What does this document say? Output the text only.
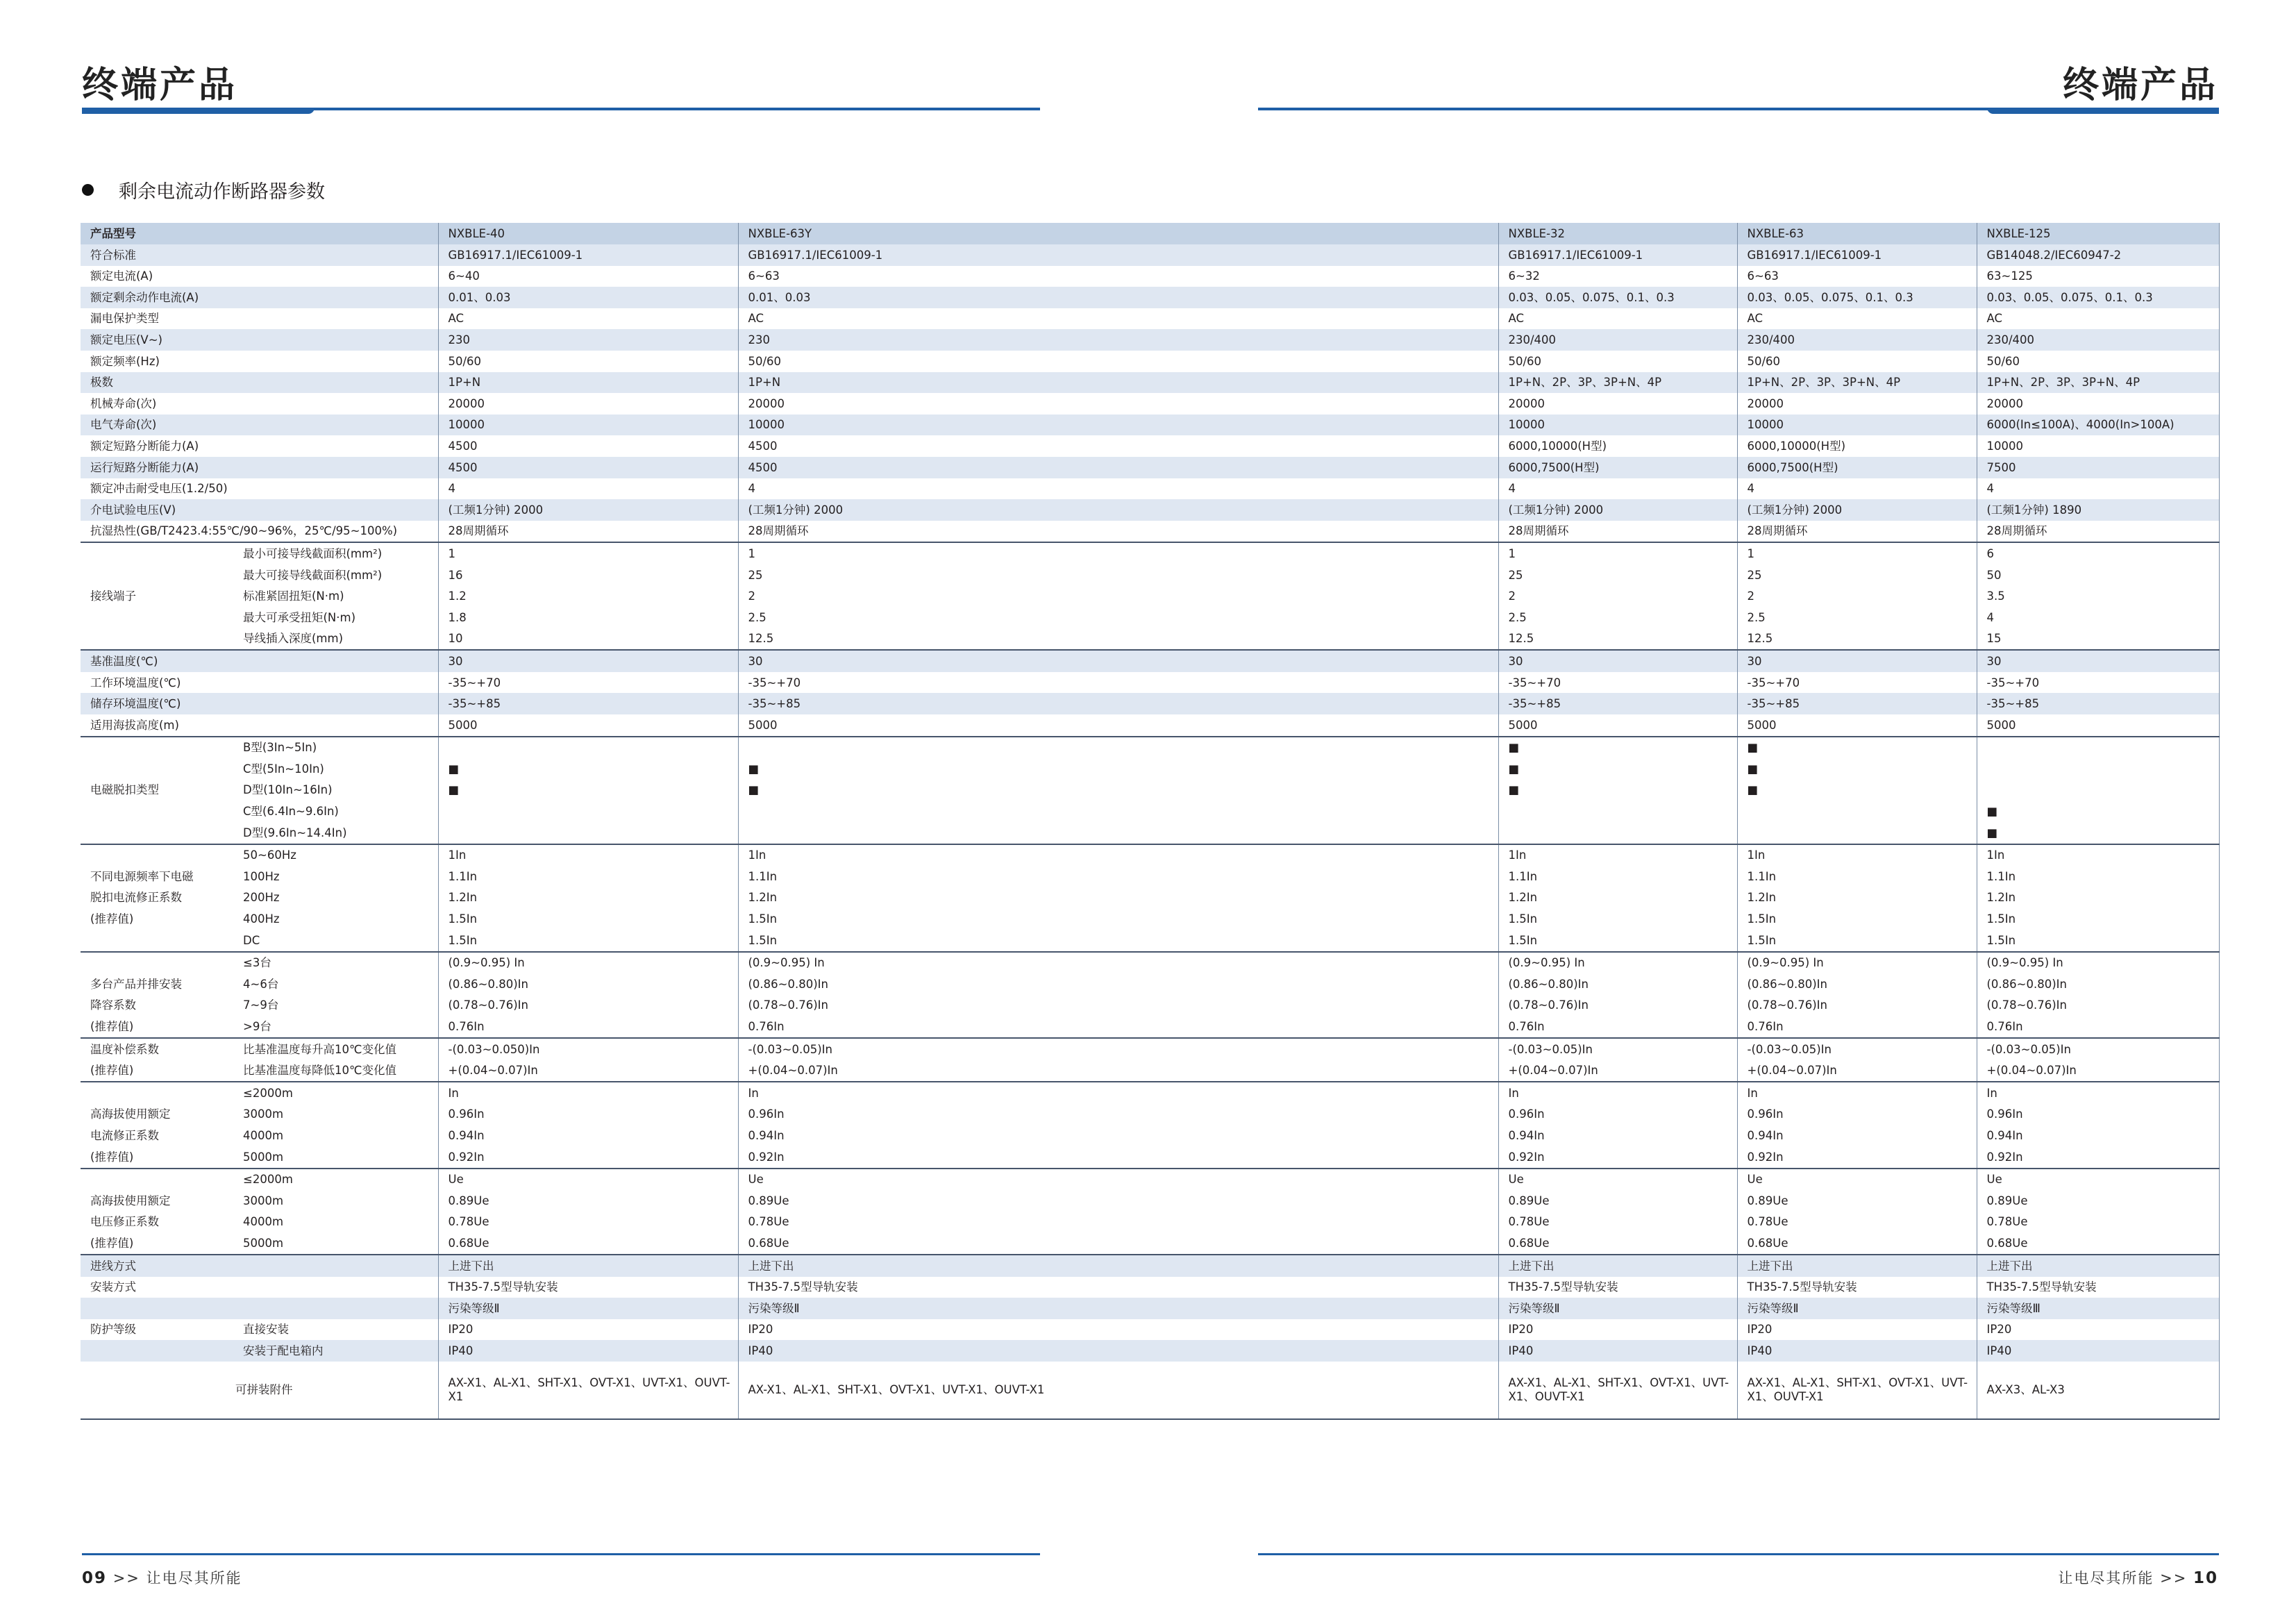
终端产品	终端产品
剩余电流动作断路器参数
产品型号		NXBLE-40	NXBLE-63Y	NXBLE-32	NXBLE-63	NXBLE-125	
符合标准		GB16917.1/IEC61009-1	GB16917.1/IEC61009-1	GB16917.1/IEC61009-1	GB16917.1/IEC61009-1	GB14048.2/IEC60947-2	
额定电流(A)		6~40	6~63	6~32	6~63	63~125	
额定剩余动作电流(A)		0.01、0.03	0.01、0.03	0.03、0.05、0.075、0.1、0.3	0.03、0.05、0.075、0.1、0.3	0.03、0.05、0.075、0.1、0.3	
漏电保护类型		AC	AC	AC	AC	AC	
额定电压(V~)		230	230	230/400	230/400	230/400	
额定频率(Hz)		50/60	50/60	50/60	50/60	50/60	
极数		1P+N	1P+N	1P+N、2P、3P、3P+N、4P	1P+N、2P、3P、3P+N、4P	1P+N、2P、3P、3P+N、4P	
机械寿命(次)		20000	20000	20000	20000	20000	
电气寿命(次)		10000	10000	10000	10000	6000(In≤100A)、4000(In>100A)	
额定短路分断能力(A)		4500	4500	6000,10000(H型)	6000,10000(H型)	10000	
运行短路分断能力(A)		4500	4500	6000,7500(H型)	6000,7500(H型)	7500	
额定冲击耐受电压(1.2/50)		4	4	4	4	4	
介电试验电压(V)		(工频1分钟) 2000	(工频1分钟) 2000	(工频1分钟) 2000	(工频1分钟) 2000	(工频1分钟) 1890	
抗湿热性(GB/T2423.4:55℃/90~96%，25℃/95~100%)		28周期循环	28周期循环	28周期循环	28周期循环	28周期循环	
	最小可接导线截面积(mm²)	1	1	1	1	6	
	最大可接导线截面积(mm²)	16	25	25	25	50	
接线端子	标准紧固扭矩(N·m)	1.2	2	2	2	3.5	
	最大可承受扭矩(N·m)	1.8	2.5	2.5	2.5	4	
	导线插入深度(mm)	10	12.5	12.5	12.5	15	
基准温度(℃)		30	30	30	30	30	
工作环境温度(℃)		-35~+70	-35~+70	-35~+70	-35~+70	-35~+70	
储存环境温度(℃)		-35~+85	-35~+85	-35~+85	-35~+85	-35~+85	
适用海拔高度(m)		5000	5000	5000	5000	5000	
	B型(3In~5In)			■	■		
	C型(5In~10In)	■	■	■	■		
电磁脱扣类型	D型(10In~16In)	■	■	■	■		
	C型(6.4In~9.6In)					■	
	D型(9.6In~14.4In)					■	
	50~60Hz	1In	1In	1In	1In	1In	
不同电源频率下电磁	100Hz	1.1In	1.1In	1.1In	1.1In	1.1In	
脱扣电流修正系数	200Hz	1.2In	1.2In	1.2In	1.2In	1.2In	
(推荐值)	400Hz	1.5In	1.5In	1.5In	1.5In	1.5In	
	DC	1.5In	1.5In	1.5In	1.5In	1.5In	
	≤3台	(0.9~0.95) In	(0.9~0.95) In	(0.9~0.95) In	(0.9~0.95) In	(0.9~0.95) In	
多台产品并排安装	4~6台	(0.86~0.80)In	(0.86~0.80)In	(0.86~0.80)In	(0.86~0.80)In	(0.86~0.80)In	
降容系数	7~9台	(0.78~0.76)In	(0.78~0.76)In	(0.78~0.76)In	(0.78~0.76)In	(0.78~0.76)In	
(推荐值)	>9台	0.76In	0.76In	0.76In	0.76In	0.76In	
温度补偿系数	比基准温度每升高10℃变化值	-(0.03~0.050)In	-(0.03~0.05)In	-(0.03~0.05)In	-(0.03~0.05)In	-(0.03~0.05)In	
(推荐值)	比基准温度每降低10℃变化值	+(0.04~0.07)In	+(0.04~0.07)In	+(0.04~0.07)In	+(0.04~0.07)In	+(0.04~0.07)In	
	≤2000m	In	In	In	In	In	
高海拔使用额定	3000m	0.96In	0.96In	0.96In	0.96In	0.96In	
电流修正系数	4000m	0.94In	0.94In	0.94In	0.94In	0.94In	
(推荐值)	5000m	0.92In	0.92In	0.92In	0.92In	0.92In	
	≤2000m	Ue	Ue	Ue	Ue	Ue	
高海拔使用额定	3000m	0.89Ue	0.89Ue	0.89Ue	0.89Ue	0.89Ue	
电压修正系数	4000m	0.78Ue	0.78Ue	0.78Ue	0.78Ue	0.78Ue	
(推荐值)	5000m	0.68Ue	0.68Ue	0.68Ue	0.68Ue	0.68Ue	
进线方式		上进下出	上进下出	上进下出	上进下出	上进下出	
安装方式		TH35-7.5型导轨安装	TH35-7.5型导轨安装	TH35-7.5型导轨安装	TH35-7.5型导轨安装	TH35-7.5型导轨安装	
		污染等级Ⅱ	污染等级Ⅱ	污染等级Ⅱ	污染等级Ⅱ	污染等级Ⅲ	
防护等级	直接安装	IP20	IP20	IP20	IP20	IP20	
	安装于配电箱内	IP40	IP40	IP40	IP40	IP40	
可拼装附件		AX-X1、AL-X1、SHT-X1、OVT-X1、UVT-X1、OUVT-X1	AX-X1、AL-X1、SHT-X1、OVT-X1、UVT-X1、OUVT-X1	AX-X1、AL-X1、SHT-X1、OVT-X1、UVT-X1、OUVT-X1	AX-X1、AL-X1、SHT-X1、OVT-X1、UVT-X1、OUVT-X1	AX-X3、AL-X3	
09 >> 让电尽其所能	让电尽其所能 >> 10
